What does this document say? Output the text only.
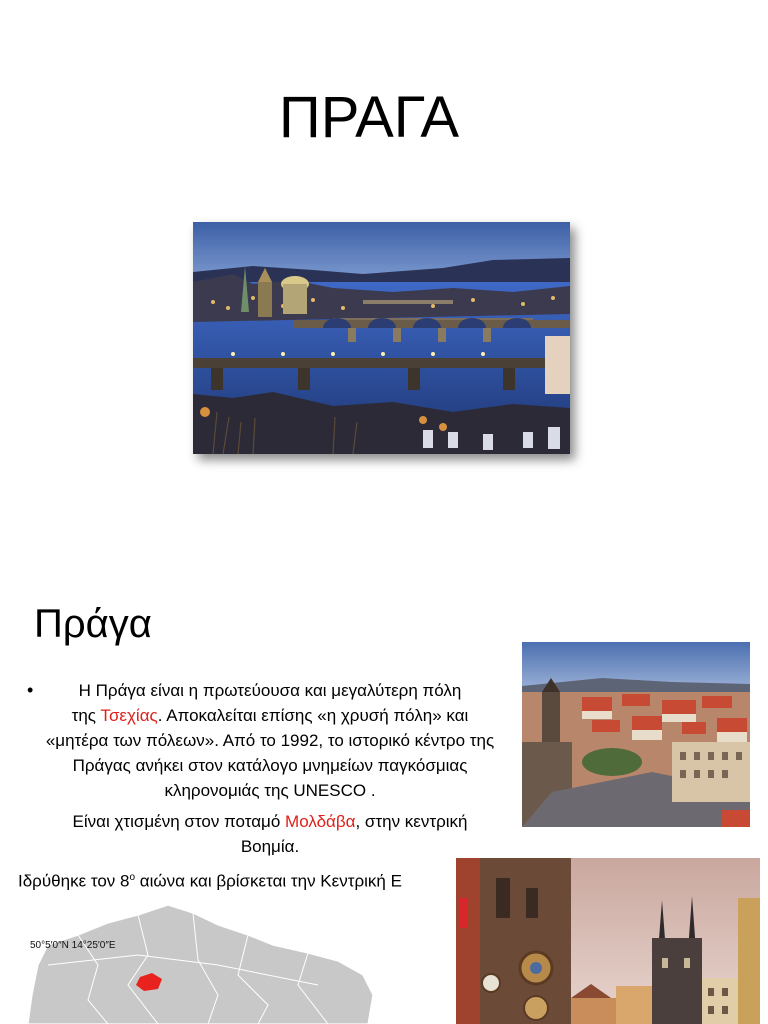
ΠΡΑΓΑ
Πράγα
•	Η Πράγα είναι η πρωτεύουσα και μεγαλύτερη πόλη
της Τσεχίας. Αποκαλείται επίσης «η χρυσή πόλη» και
«μητέρα των πόλεων». Από το 1992, το ιστορικό κέντρο της
Πράγας ανήκει στον κατάλογο μνημείων παγκόσμιας
κληρονομιάς της UNESCO .

Είναι χτισμένη στον ποταμό Μολδάβα, στην κεντρική
Βοημία.

Ιδρύθηκε τον $8^o$ αιώνα και βρίσκεται την Κεντρική Ε

50°5′0″N 14°25′0″E
